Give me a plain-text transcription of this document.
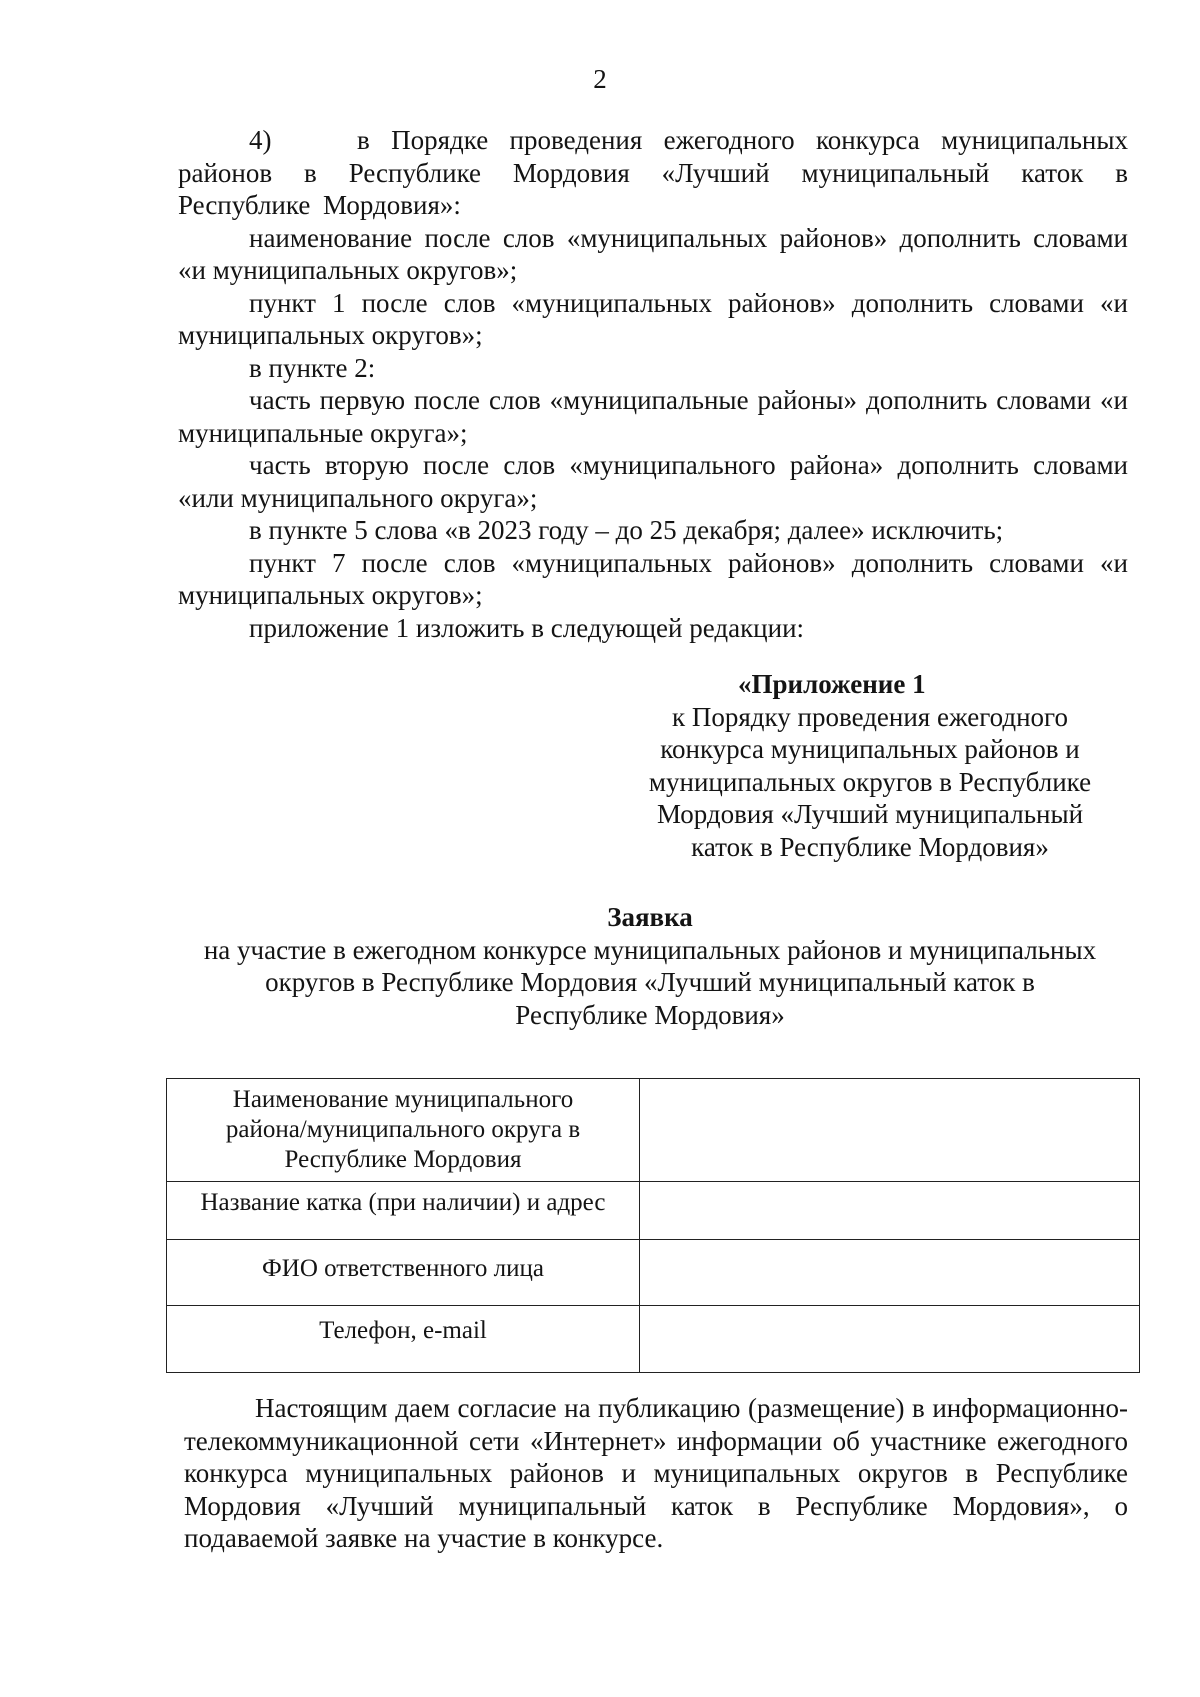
2

4)	в Порядке проведения ежегодного конкурса муниципальных районов в Республике Мордовия «Лучший муниципальный каток в Республике Мордовия»:

наименование после слов «муниципальных районов» дополнить словами «и муниципальных округов»;

пункт 1 после слов «муниципальных районов» дополнить словами «и муниципальных округов»;

в пункте 2:

часть первую после слов «муниципальные районы» дополнить словами «и муниципальные округа»;

часть вторую после слов «муниципального района» дополнить словами «или муниципального округа»;

в пункте 5 слова «в 2023 году – до 25 декабря; далее» исключить;

пункт 7 после слов «муниципальных районов» дополнить словами «и муниципальных округов»;

приложение 1 изложить в следующей редакции:

«Приложение 1
к Порядку проведения ежегодного
конкурса муниципальных районов и
муниципальных округов в Республике
Мордовия «Лучший муниципальный
каток в Республике Мордовия»
Заявка
на участие в ежегодном конкурсе муниципальных районов и муниципальных
округов в Республике Мордовия «Лучший муниципальный каток в
Республике Мордовия»
Наименование муниципального
района/муниципального округа в
Республике Мордовия	

Название катка (при наличии) и адрес	

ФИО ответственного лица	

Телефон, e-mail	

Настоящим даем согласие на публикацию (размещение) в информационно-телекоммуникационной сети «Интернет» информации об участнике ежегодного конкурса муниципальных районов и муниципальных округов в Республике Мордовия «Лучший муниципальный каток в Республике Мордовия», о подаваемой заявке на участие в конкурсе.
